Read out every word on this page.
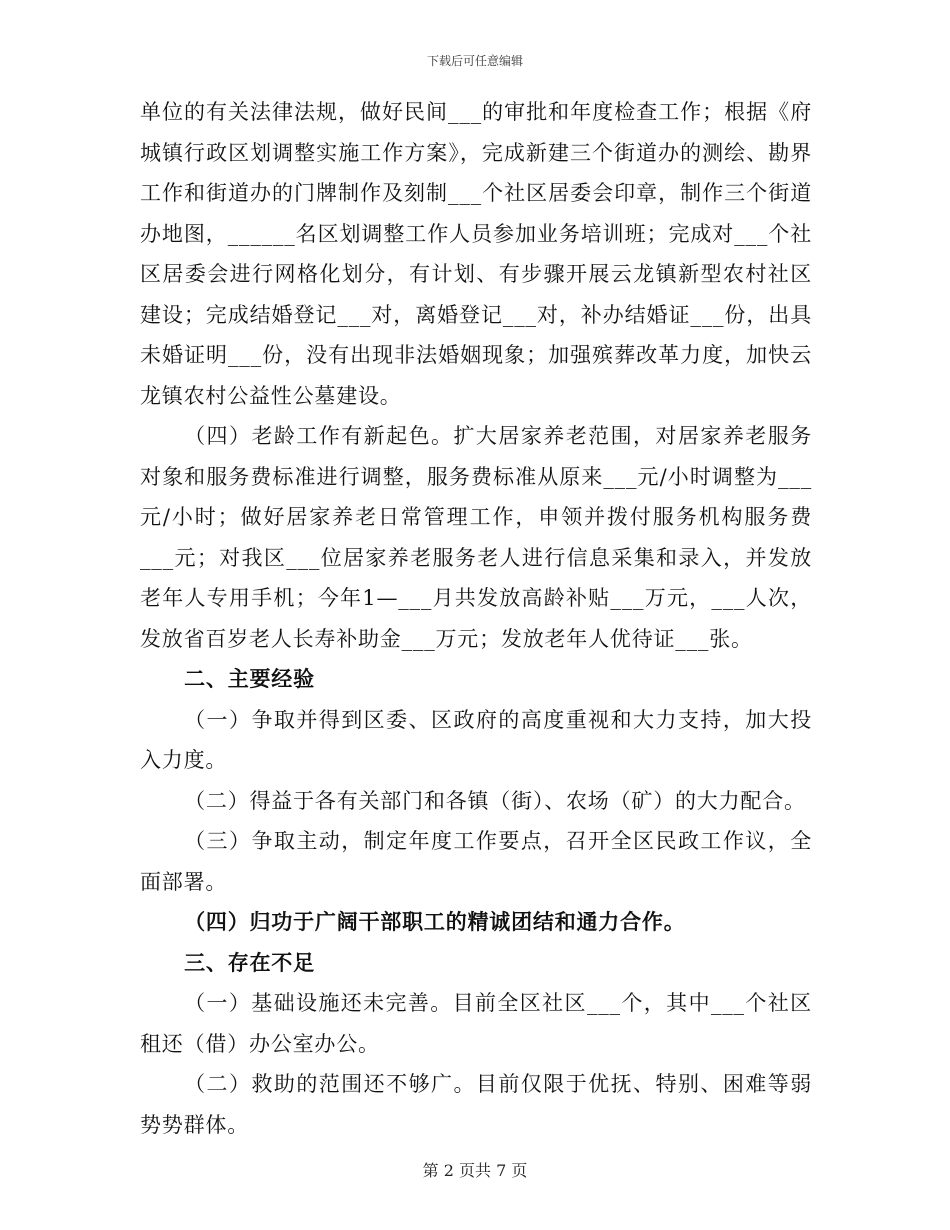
下载后可任意编辑

单位的有关法律法规，做好民间___的审批和年度检查工作；根据《府城镇行政区划调整实施工作方案》，完成新建三个街道办的测绘、勘界工作和街道办的门牌制作及刻制___个社区居委会印章，制作三个街道办地图，______名区划调整工作人员参加业务培训班；完成对___个社区居委会进行网格化划分，有计划、有步骤开展云龙镇新型农村社区建设；完成结婚登记___对，离婚登记___对，补办结婚证___份，出具未婚证明___份，没有出现非法婚姻现象；加强殡葬改革力度，加快云龙镇农村公益性公墓建设。

（四）老龄工作有新起色。扩大居家养老范围，对居家养老服务对象和服务费标准进行调整，服务费标准从原来___元/小时调整为___元/小时；做好居家养老日常管理工作，申领并拨付服务机构服务费___元；对我区___位居家养老服务老人进行信息采集和录入，并发放老年人专用手机；今年1—___月共发放高龄补贴___万元，___人次，发放省百岁老人长寿补助金___万元；发放老年人优待证___张。

二、主要经验

（一）争取并得到区委、区政府的高度重视和大力支持，加大投入力度。

（二）得益于各有关部门和各镇（街）、农场（矿）的大力配合。

（三）争取主动，制定年度工作要点，召开全区民政工作议，全面部署。

（四）归功于广阔干部职工的精诚团结和通力合作。

三、存在不足

（一）基础设施还未完善。目前全区社区___个，其中___个社区租还（借）办公室办公。

（二）救助的范围还不够广。目前仅限于优抚、特别、困难等弱势势群体。

第 2 页共 7 页
